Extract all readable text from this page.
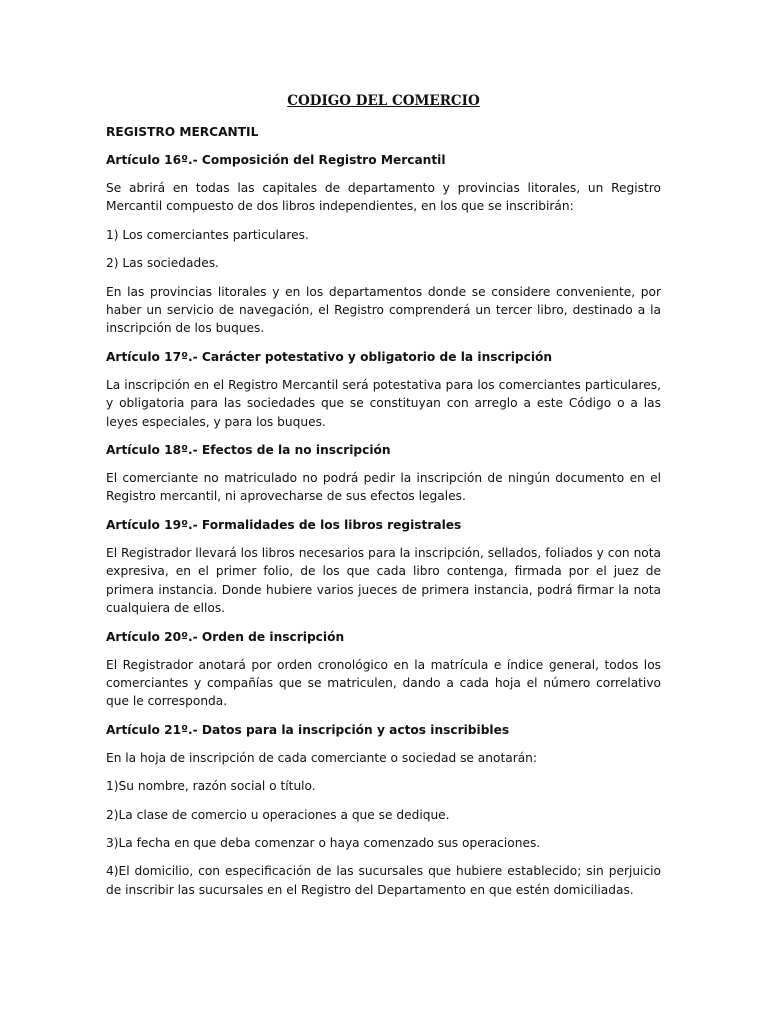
CODIGO DEL COMERCIO
REGISTRO MERCANTIL
Artículo 16º.- Composición del Registro Mercantil
Se abrirá en todas las capitales de departamento y provincias litorales, un Registro Mercantil compuesto de dos libros independientes, en los que se inscribirán:
1) Los comerciantes particulares.
2) Las sociedades.
En las provincias litorales y en los departamentos donde se considere conveniente, por haber un servicio de navegación, el Registro comprenderá un tercer libro, destinado a la inscripción de los buques.
Artículo 17º.- Carácter potestativo y obligatorio de la inscripción
La inscripción en el Registro Mercantil será potestativa para los comerciantes particulares, y obligatoria para las sociedades que se constituyan con arreglo a este Código o a las leyes especiales, y para los buques.
Artículo 18º.- Efectos de la no inscripción
El comerciante no matriculado no podrá pedir la inscripción de ningún documento en el Registro mercantil, ni aprovecharse de sus efectos legales.
Artículo 19º.- Formalidades de los libros registrales
El Registrador llevará los libros necesarios para la inscripción, sellados, foliados y con nota expresiva, en el primer folio, de los que cada libro contenga, firmada por el juez de primera instancia. Donde hubiere varios jueces de primera instancia, podrá firmar la nota cualquiera de ellos.
Artículo 20º.- Orden de inscripción
El Registrador anotará por orden cronológico en la matrícula e índice general, todos los comerciantes y compañías que se matriculen, dando a cada hoja el número correlativo que le corresponda.
Artículo 21º.- Datos para la inscripción y actos inscribibles
En la hoja de inscripción de cada comerciante o sociedad se anotarán:
1)Su nombre, razón social o título.
2)La clase de comercio u operaciones a que se dedique.
3)La fecha en que deba comenzar o haya comenzado sus operaciones.
4)El domicilio, con especificación de las sucursales que hubiere establecido; sin perjuicio de inscribir las sucursales en el Registro del Departamento en que estén domiciliadas.
